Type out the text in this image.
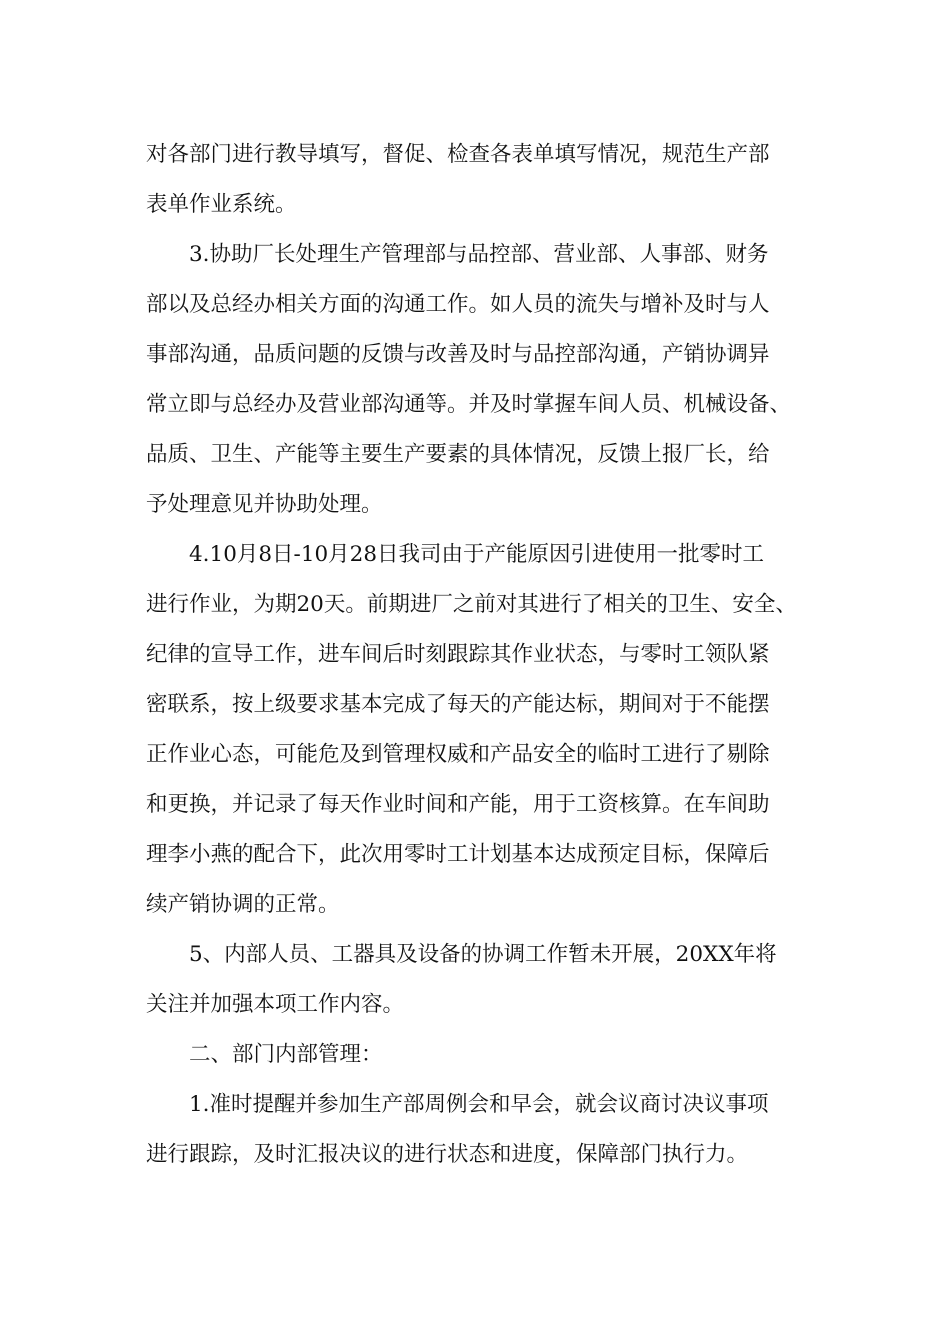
对各部门进行教导填写，督促、检查各表单填写情况，规范生产部
表单作业系统。
3.协助厂长处理生产管理部与品控部、营业部、人事部、财务
部以及总经办相关方面的沟通工作。如人员的流失与增补及时与人
事部沟通，品质问题的反馈与改善及时与品控部沟通，产销协调异
常立即与总经办及营业部沟通等。并及时掌握车间人员、机械设备、
品质、卫生、产能等主要生产要素的具体情况，反馈上报厂长，给
予处理意见并协助处理。
4.10月8日-10月28日我司由于产能原因引进使用一批零时工
进行作业，为期20天。前期进厂之前对其进行了相关的卫生、安全、
纪律的宣导工作，进车间后时刻跟踪其作业状态，与零时工领队紧
密联系，按上级要求基本完成了每天的产能达标，期间对于不能摆
正作业心态，可能危及到管理权威和产品安全的临时工进行了剔除
和更换，并记录了每天作业时间和产能，用于工资核算。在车间助
理李小燕的配合下，此次用零时工计划基本达成预定目标，保障后
续产销协调的正常。
5、内部人员、工器具及设备的协调工作暂未开展，20XX年将
关注并加强本项工作内容。
二、部门内部管理：
1.准时提醒并参加生产部周例会和早会，就会议商讨决议事项
进行跟踪，及时汇报决议的进行状态和进度，保障部门执行力。
